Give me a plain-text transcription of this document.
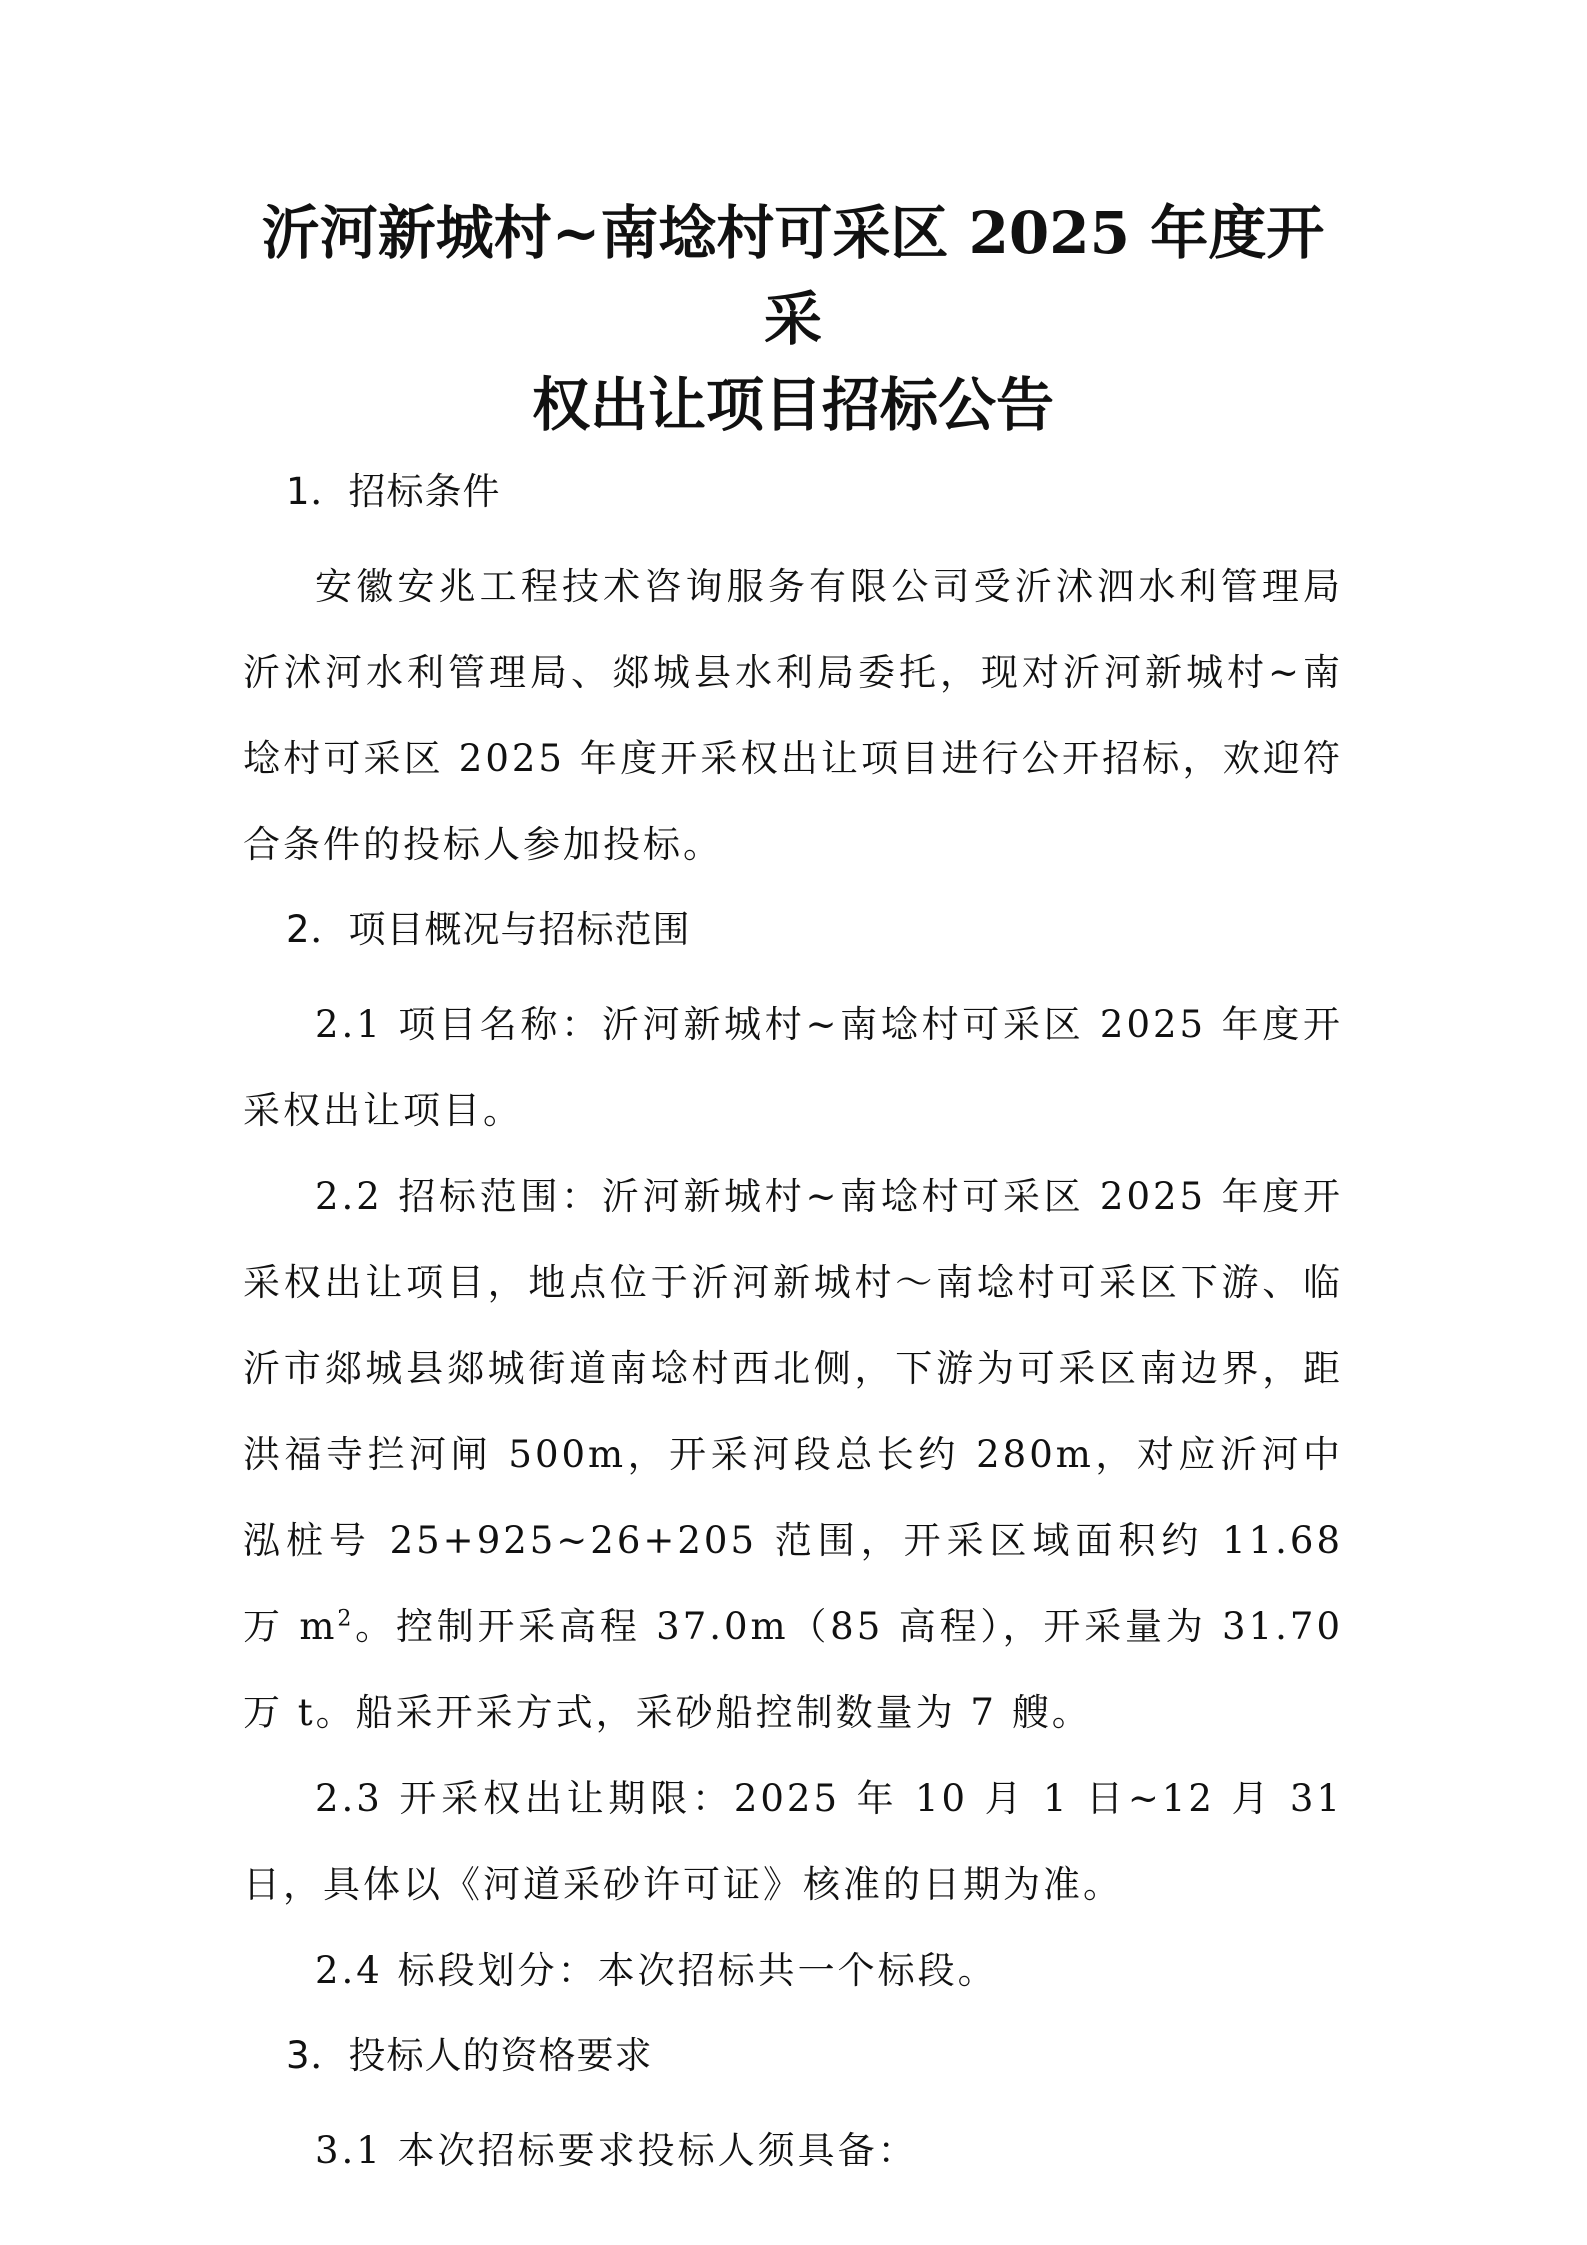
沂河新城村~南埝村可采区 2025 年度开采
权出让项目招标公告

1．招标条件

安徽安兆工程技术咨询服务有限公司受沂沭泗水利管理局沂沭河水利管理局、郯城县水利局委托，现对沂河新城村~南埝村可采区 2025 年度开采权出让项目进行公开招标，欢迎符合条件的投标人参加投标。

2．项目概况与招标范围

2.1 项目名称：沂河新城村~南埝村可采区 2025 年度开采权出让项目。

2.2 招标范围：沂河新城村~南埝村可采区 2025 年度开采权出让项目，地点位于沂河新城村～南埝村可采区下游、临沂市郯城县郯城街道南埝村西北侧，下游为可采区南边界，距洪福寺拦河闸 500m，开采河段总长约 280m，对应沂河中泓桩号 25+925~26+205 范围，开采区域面积约 11.68 万 $m^2$。控制开采高程 37.0m（85 高程），开采量为 31.70 万 t。船采开采方式，采砂船控制数量为 7 艘。

2.3 开采权出让期限：2025 年 10 月 1 日~12 月 31 日，具体以《河道采砂许可证》核准的日期为准。

2.4 标段划分：本次招标共一个标段。

3．投标人的资格要求

3.1 本次招标要求投标人须具备：
